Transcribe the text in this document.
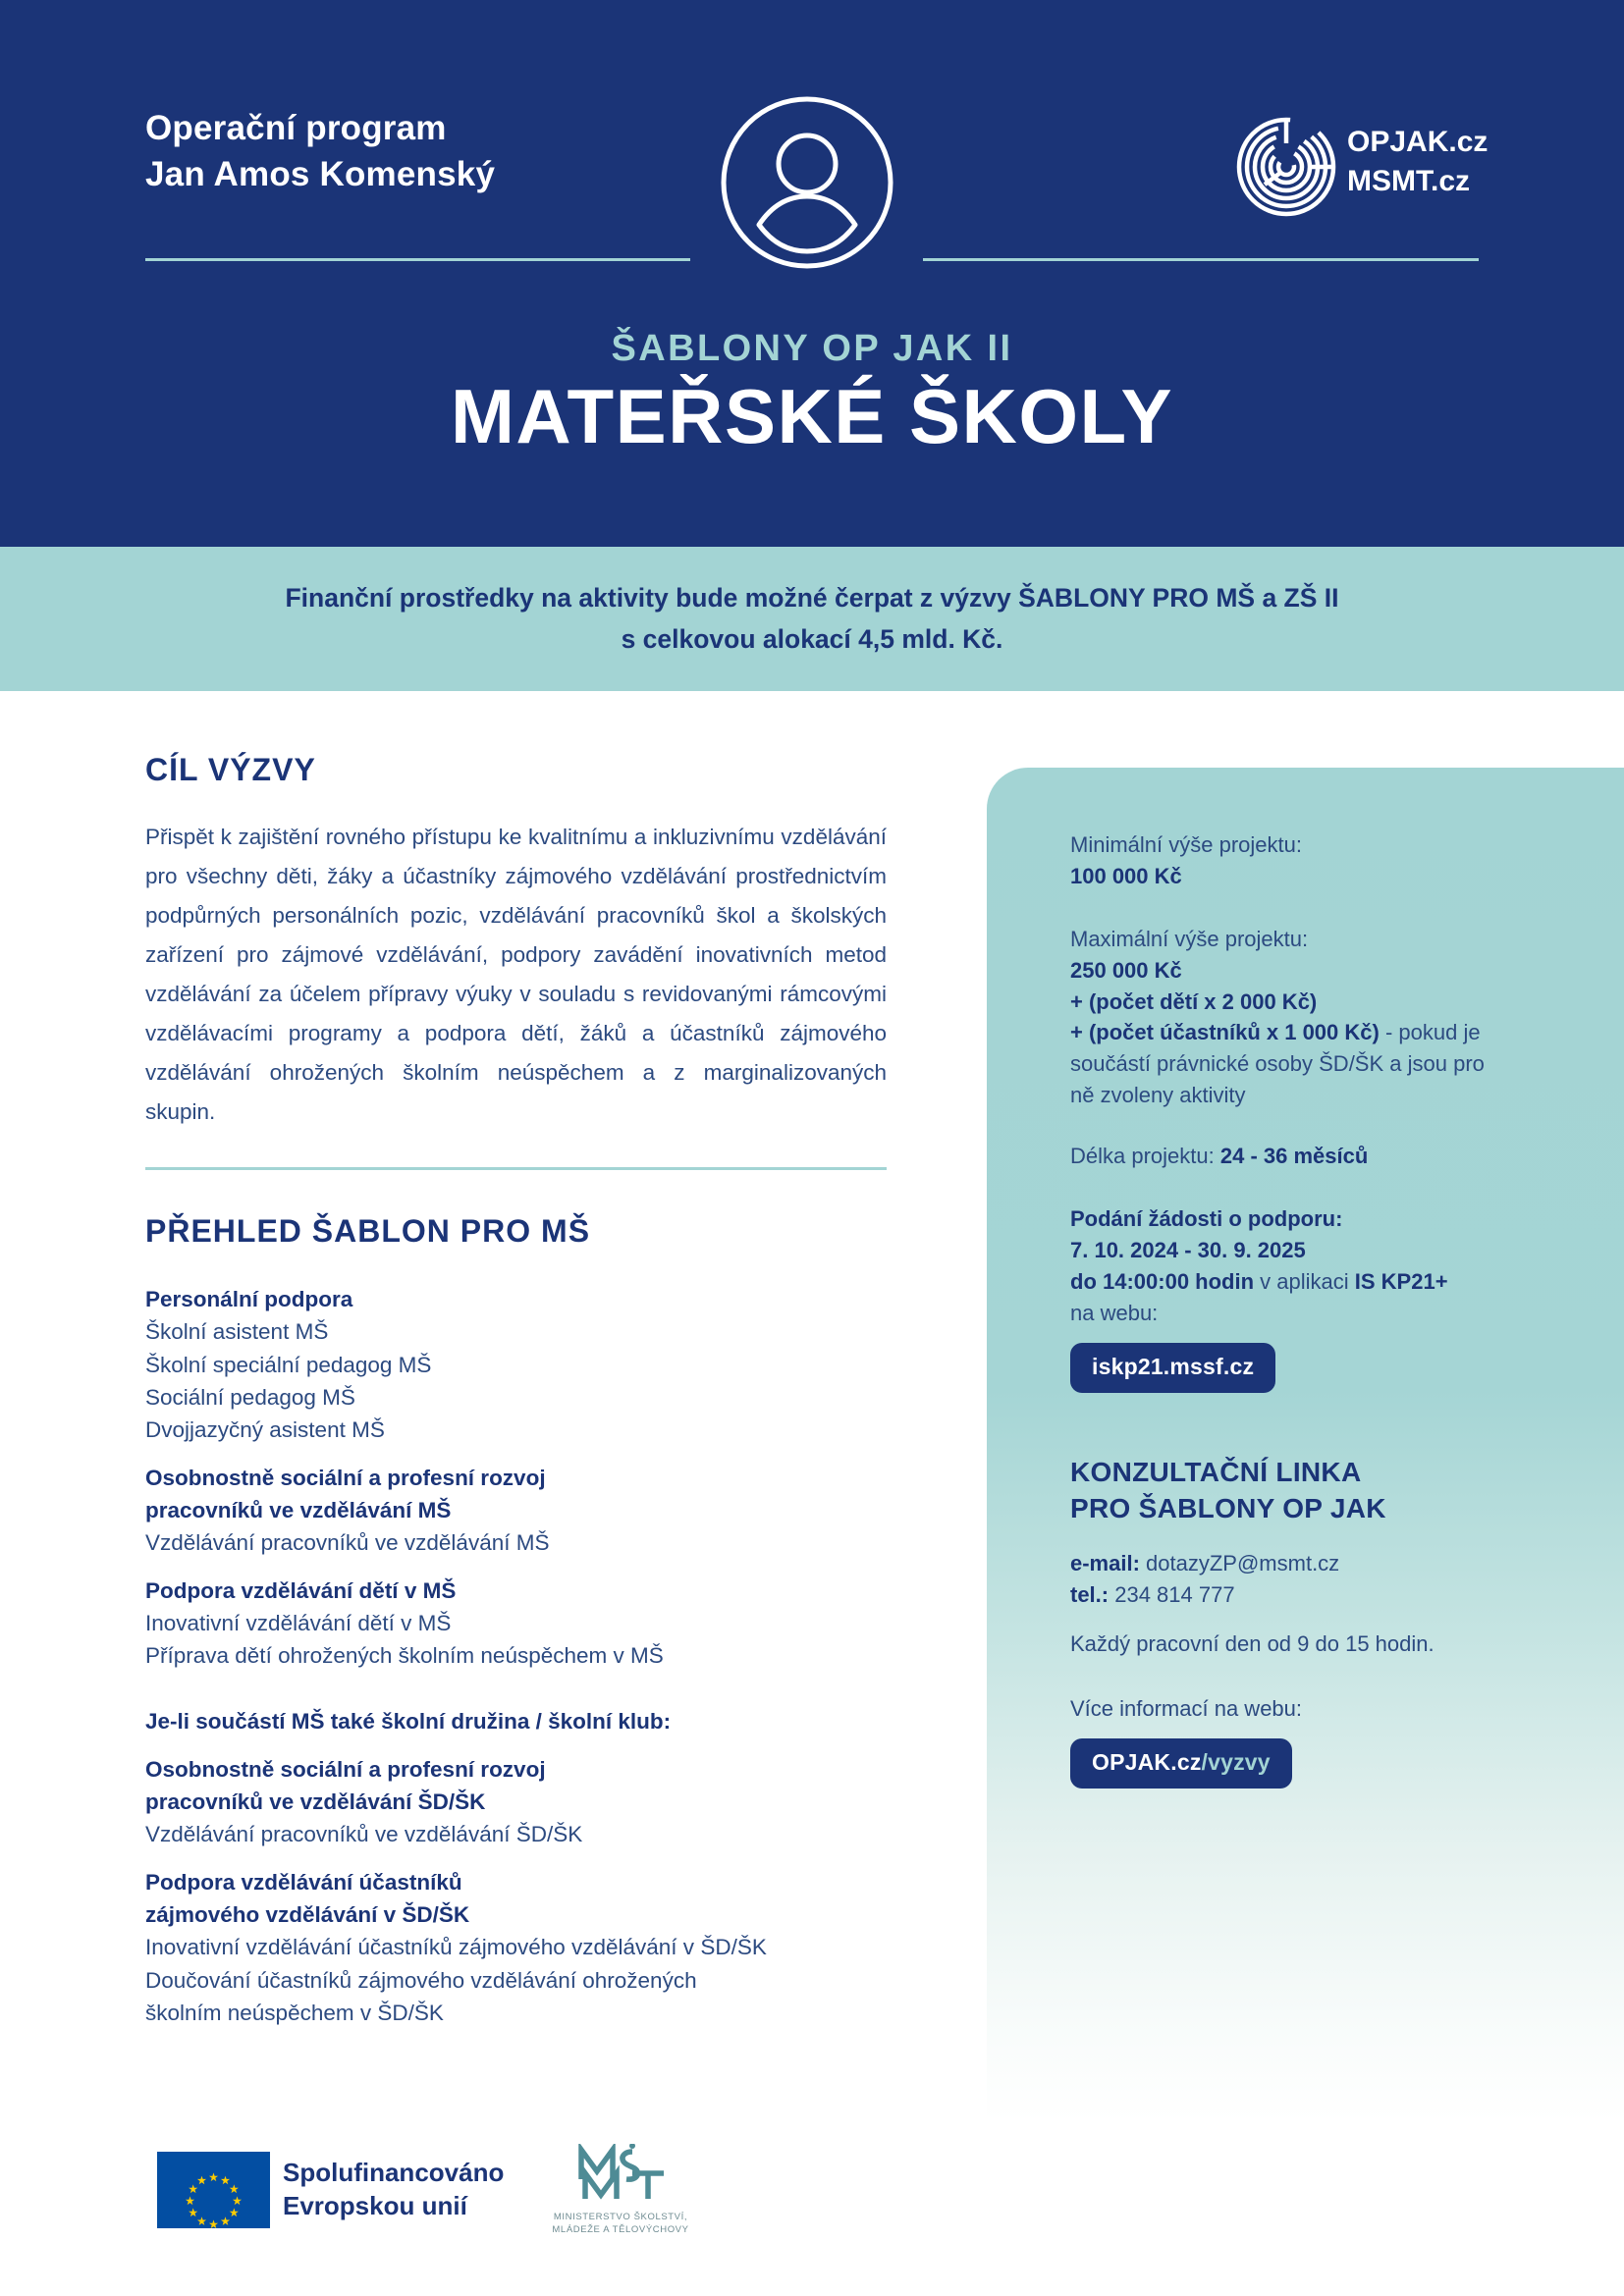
Operační program
Jan Amos Komenský
OPJAK.cz
MSMT.cz
ŠABLONY OP JAK II
MATEŘSKÉ ŠKOLY
Finanční prostředky na aktivity bude možné čerpat z výzvy ŠABLONY PRO MŠ a ZŠ II
s celkovou alokací 4,5 mld. Kč.
CÍL VÝZVY

Přispět k zajištění rovného přístupu ke kvalitnímu a inkluzivnímu vzdělávání pro všechny děti, žáky a účastníky zájmového vzdělávání prostřednictvím podpůrných personálních pozic, vzdělávání pracovníků škol a školských zařízení pro zájmové vzdělávání, podpory zavádění inovativních metod vzdělávání za účelem přípravy výuky v souladu s revidovanými rámcovými vzdělávacími programy a podpora dětí, žáků a účastníků zájmového vzdělávání ohrožených školním neúspěchem a z marginalizovaných skupin.

PŘEHLED ŠABLON PRO MŠ
Personální podpora
Školní asistent MŠ
Školní speciální pedagog MŠ
Sociální pedagog MŠ
Dvojjazyčný asistent MŠ
Osobnostně sociální a profesní rozvoj
pracovníků ve vzdělávání MŠ
Vzdělávání pracovníků ve vzdělávání MŠ
Podpora vzdělávání dětí v MŠ
Inovativní vzdělávání dětí v MŠ
Příprava dětí ohrožených školním neúspěchem v MŠ
Je-li součástí MŠ také školní družina / školní klub:
Osobnostně sociální a profesní rozvoj
pracovníků ve vzdělávání ŠD/ŠK
Vzdělávání pracovníků ve vzdělávání ŠD/ŠK
Podpora vzdělávání účastníků
zájmového vzdělávání v ŠD/ŠK
Inovativní vzdělávání účastníků zájmového vzdělávání v ŠD/ŠK
Doučování účastníků zájmového vzdělávání ohrožených
školním neúspěchem v ŠD/ŠK
Minimální výše projektu:
100 000 Kč
Maximální výše projektu:
250 000 Kč
+ (počet dětí x 2 000 Kč)
+ (počet účastníků x 1 000 Kč) - pokud je
součástí právnické osoby ŠD/ŠK a jsou pro
ně zvoleny aktivity
Délka projektu: 24 - 36 měsíců
Podání žádosti o podporu:
7. 10. 2024 - 30. 9. 2025
do 14:00:00 hodin v aplikaci IS KP21+
na webu:
iskp21.mssf.cz
KONZULTAČNÍ LINKA
PRO ŠABLONY OP JAK
e-mail: dotazyZP@msmt.cz
tel.: 234 814 777
Každý pracovní den od 9 do 15 hodin.
Více informací na webu:
OPJAK.cz/vyzvy
Spolufinancováno
Evropskou unií	MINISTERSTVO ŠKOLSTVÍ,
MLÁDEŽE A TĚLOVÝCHOVY
